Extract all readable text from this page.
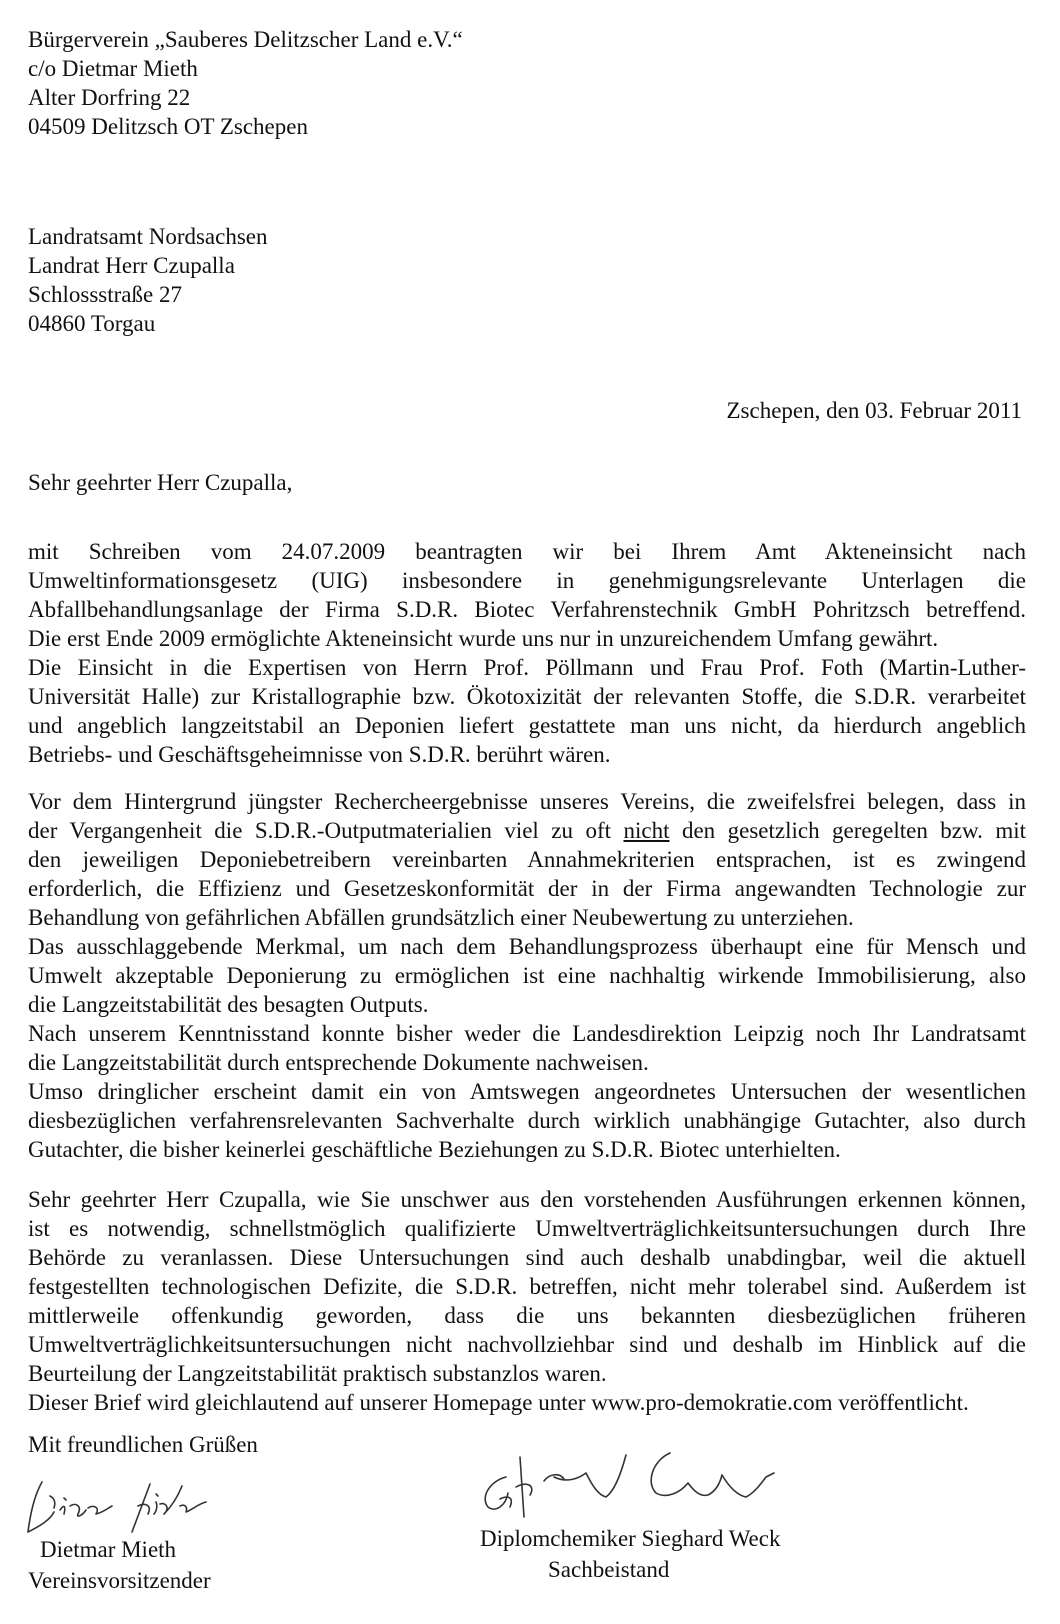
Bürgerverein „Sauberes Delitzscher Land e.V.“
c/o Dietmar Mieth
Alter Dorfring 22
04509 Delitzsch OT Zschepen
Landratsamt Nordsachsen
Landrat Herr Czupalla
Schlossstraße 27
04860 Torgau
Zschepen, den 03. Februar 2011
Sehr geehrter Herr Czupalla,
mit Schreiben vom 24.07.2009 beantragten wir bei Ihrem Amt Akteneinsicht nach
Umweltinformationsgesetz (UIG) insbesondere in genehmigungsrelevante Unterlagen die
Abfallbehandlungsanlage der Firma S.D.R. Biotec Verfahrenstechnik GmbH Pohritzsch betreffend.
Die erst Ende 2009 ermöglichte Akteneinsicht wurde uns nur in unzureichendem Umfang gewährt.
Die Einsicht in die Expertisen von Herrn Prof. Pöllmann und Frau Prof. Foth (Martin-Luther-
Universität Halle) zur Kristallographie bzw. Ökotoxizität der relevanten Stoffe, die S.D.R. verarbeitet
und angeblich langzeitstabil an Deponien liefert gestattete man uns nicht, da hierdurch angeblich
Betriebs- und Geschäftsgeheimnisse von S.D.R. berührt wären.
Vor dem Hintergrund jüngster Rechercheergebnisse unseres Vereins, die zweifelsfrei belegen, dass in
der Vergangenheit die S.D.R.-Outputmaterialien viel zu oft nicht den gesetzlich geregelten bzw. mit
den jeweiligen Deponiebetreibern vereinbarten Annahmekriterien entsprachen, ist es zwingend
erforderlich, die Effizienz und Gesetzeskonformität der in der Firma angewandten Technologie zur
Behandlung von gefährlichen Abfällen grundsätzlich einer Neubewertung zu unterziehen.
Das ausschlaggebende Merkmal, um nach dem Behandlungsprozess überhaupt eine für Mensch und
Umwelt akzeptable Deponierung zu ermöglichen ist eine nachhaltig wirkende Immobilisierung, also
die Langzeitstabilität des besagten Outputs.
Nach unserem Kenntnisstand konnte bisher weder die Landesdirektion Leipzig noch Ihr Landratsamt
die Langzeitstabilität durch entsprechende Dokumente nachweisen.
Umso dringlicher erscheint damit ein von Amtswegen angeordnetes Untersuchen der wesentlichen
diesbezüglichen verfahrensrelevanten Sachverhalte durch wirklich unabhängige Gutachter, also durch
Gutachter, die bisher keinerlei geschäftliche Beziehungen zu S.D.R. Biotec unterhielten.
Sehr geehrter Herr Czupalla, wie Sie unschwer aus den vorstehenden Ausführungen erkennen können,
ist es notwendig, schnellstmöglich qualifizierte Umweltverträglichkeitsuntersuchungen durch Ihre
Behörde zu veranlassen. Diese Untersuchungen sind auch deshalb unabdingbar, weil die aktuell
festgestellten technologischen Defizite, die S.D.R. betreffen, nicht mehr tolerabel sind. Außerdem ist
mittlerweile offenkundig geworden, dass die uns bekannten diesbezüglichen früheren
Umweltverträglichkeitsuntersuchungen nicht nachvollziehbar sind und deshalb im Hinblick auf die
Beurteilung der Langzeitstabilität praktisch substanzlos waren.
Dieser Brief wird gleichlautend auf unserer Homepage unter www.pro-demokratie.com veröffentlicht.
Mit freundlichen Grüßen
Dietmar Mieth
Vereinsvorsitzender
Diplomchemiker Sieghard Weck
Sachbeistand
